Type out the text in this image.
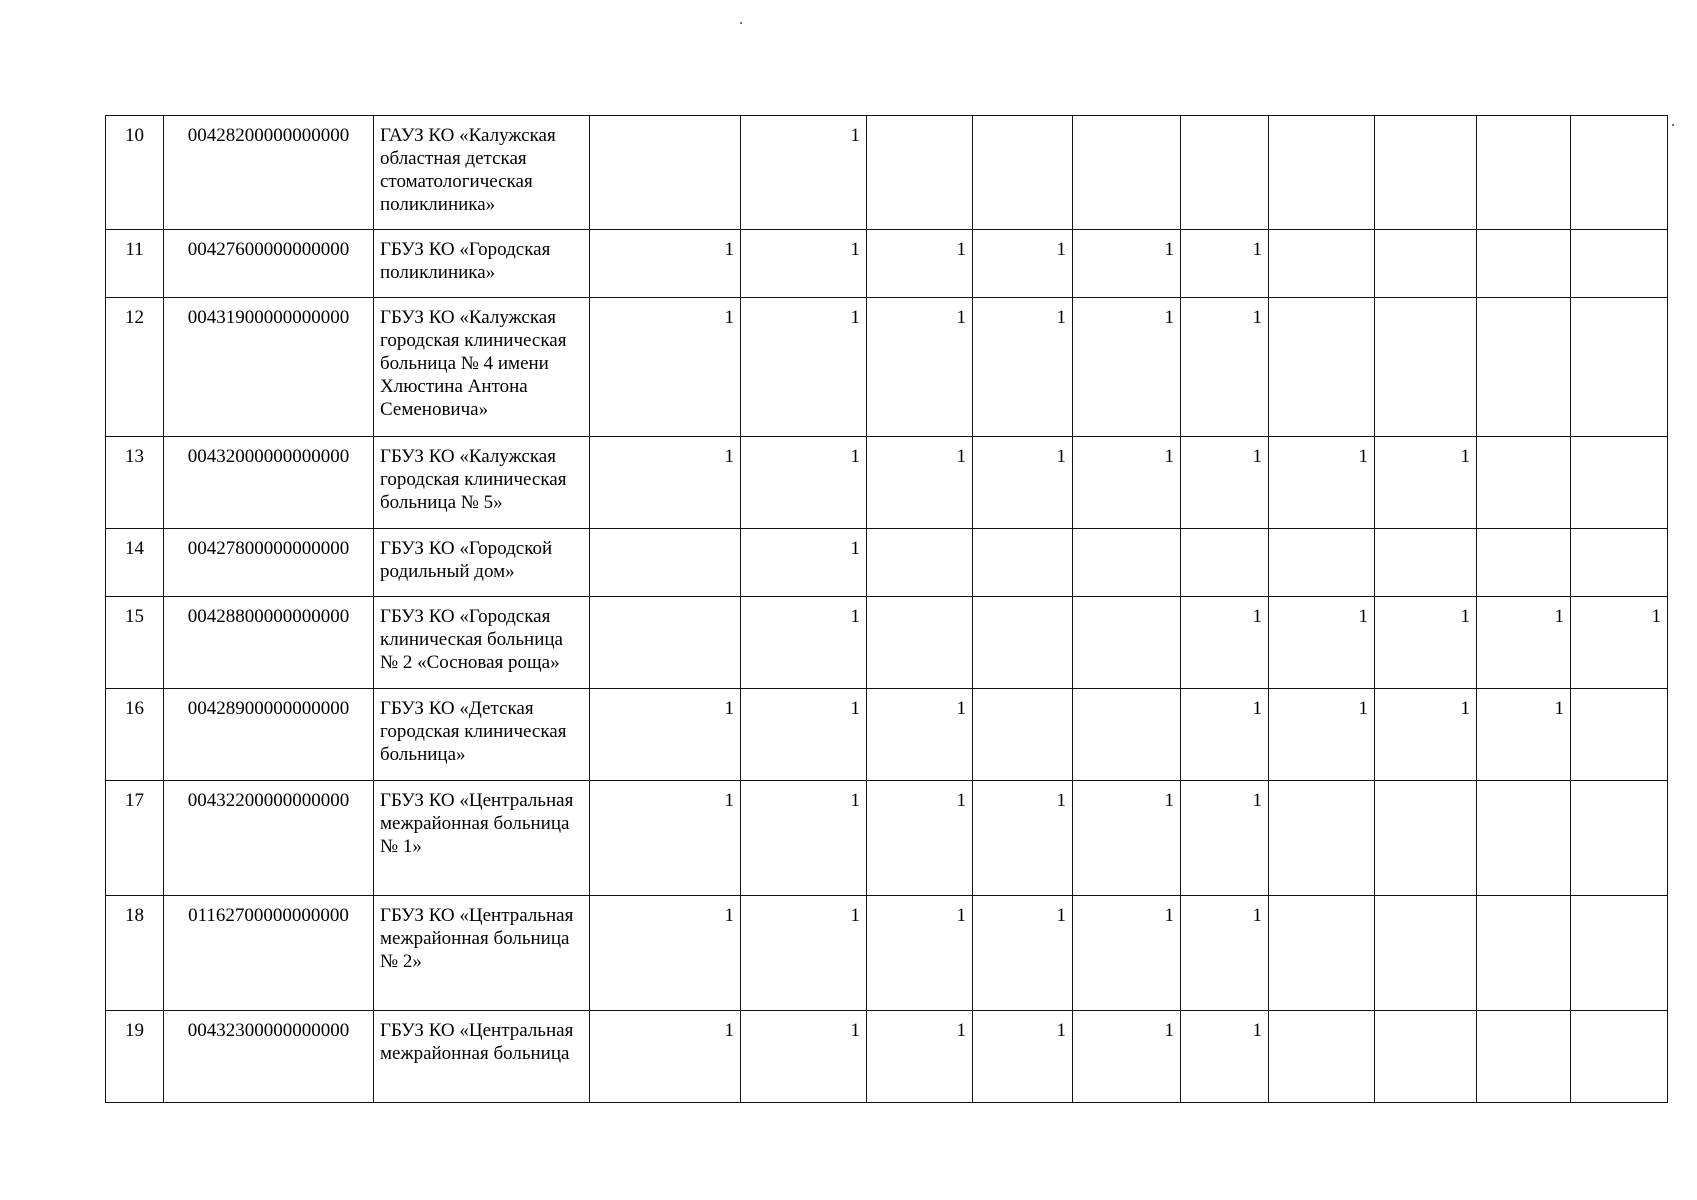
10	00428200000000000	ГАУЗ КО «Калужская областная детская стоматологическая поликлиника»		1								
11	00427600000000000	ГБУЗ КО «Городская поликлиника»	1	1	1	1	1	1				
12	00431900000000000	ГБУЗ КО «Калужская городская клиническая больница № 4 имени Хлюстина Антона Семеновича»	1	1	1	1	1	1				
13	00432000000000000	ГБУЗ КО «Калужская городская клиническая больница № 5»	1	1	1	1	1	1	1	1		
14	00427800000000000	ГБУЗ КО «Городской родильный дом»		1								
15	00428800000000000	ГБУЗ КО «Городская клиническая больница № 2 «Сосновая роща»		1				1	1	1	1	1
16	00428900000000000	ГБУЗ КО «Детская городская клиническая больница»	1	1	1			1	1	1	1	
17	00432200000000000	ГБУЗ КО «Центральная межрайонная больница № 1»	1	1	1	1	1	1				
18	01162700000000000	ГБУЗ КО «Центральная межрайонная больница № 2»	1	1	1	1	1	1				
19	00432300000000000	ГБУЗ КО «Центральная межрайонная больница	1	1	1	1	1	1				
